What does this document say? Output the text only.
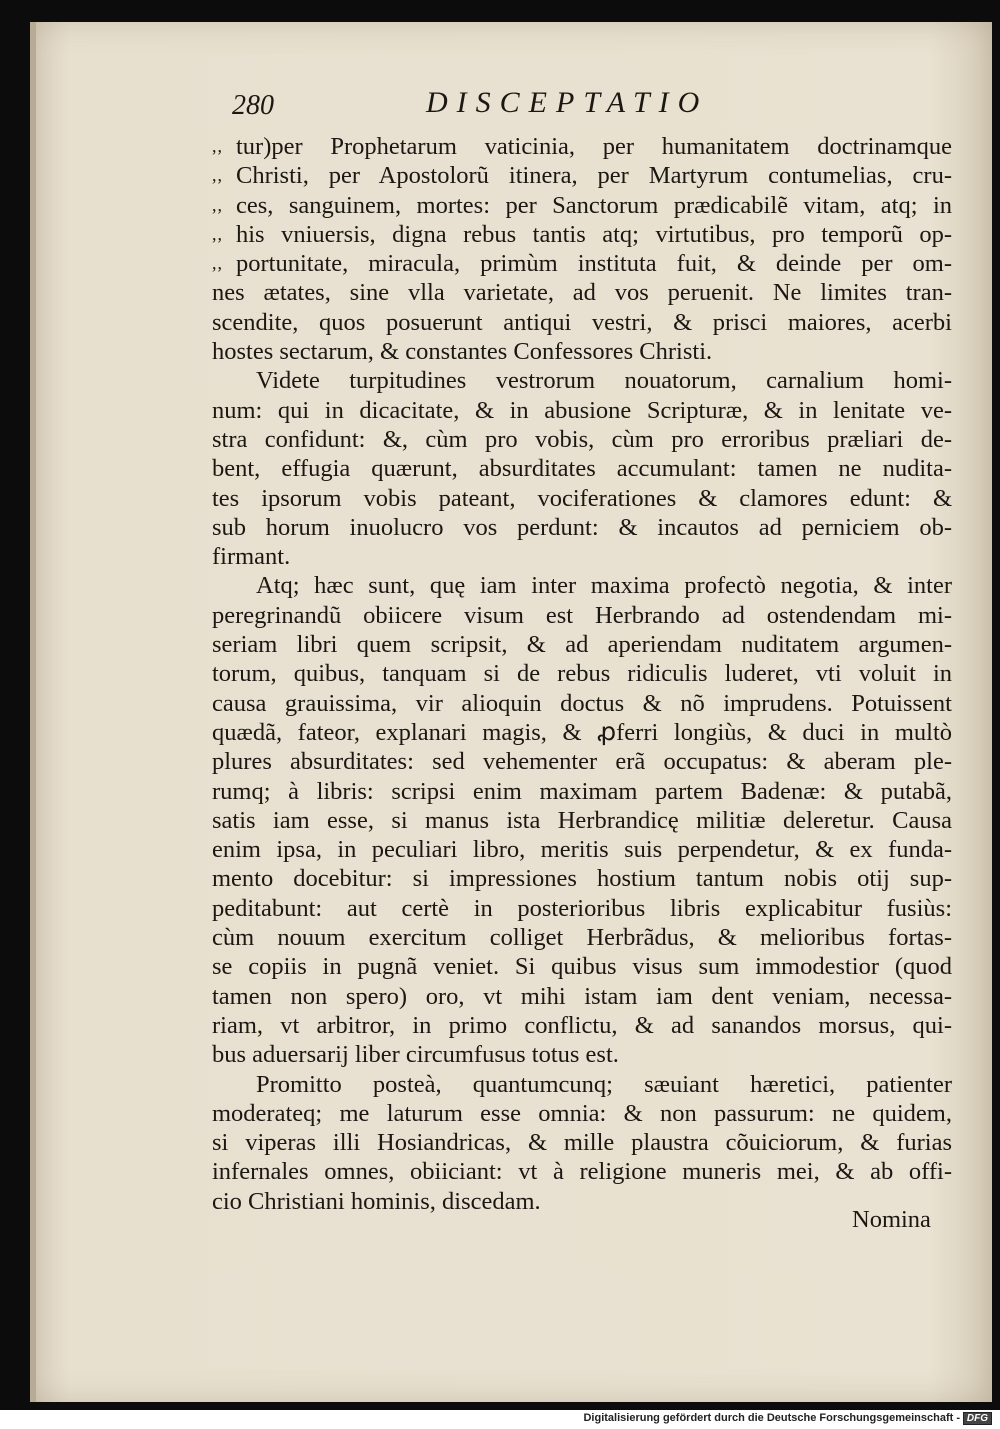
280	DISCEPTATIO
,, tur)per Prophetarum vaticinia, per humanitatem doctrinamque
,, Christi, per Apostolorũ itinera, per Martyrum contumelias, cru-
,, ces, sanguinem, mortes: per Sanctorum prædicabilẽ vitam, atq; in
,, his vniuersis, digna rebus tantis atq; virtutibus, pro temporũ op-
,, portunitate, miracula, primùm instituta fuit, & deinde per om-
nes ætates, sine vlla varietate, ad vos peruenit. Ne limites tran-
scendite, quos posuerunt antiqui vestri, & prisci maiores, acerbi
hostes sectarum, & constantes Confessores Christi.
Videte turpitudines vestrorum nouatorum, carnalium homi-
num: qui in dicacitate, & in abusione Scripturæ, & in lenitate ve-
stra confidunt: &, cùm pro vobis, cùm pro erroribus præliari de-
bent, effugia quærunt, absurditates accumulant: tamen ne nudita-
tes ipsorum vobis pateant, vociferationes & clamores edunt: &
sub horum inuolucro vos perdunt: & incautos ad perniciem ob-
firmant.
Atq; hæc sunt, quę iam inter maxima profectò negotia, & inter
peregrinandũ obiicere visum est Herbrando ad ostendendam mi-
seriam libri quem scripsit, & ad aperiendam nuditatem argumen-
torum, quibus, tanquam si de rebus ridiculis luderet, vti voluit in
causa grauissima, vir alioquin doctus & nõ imprudens. Potuissent
quædã, fateor, explanari magis, & ꝓferri longiùs, & duci in multò
plures absurditates: sed vehementer erã occupatus: & aberam ple-
rumq; à libris: scripsi enim maximam partem Badenæ: & putabã,
satis iam esse, si manus ista Herbrandicę militiæ deleretur. Causa
enim ipsa, in peculiari libro, meritis suis perpendetur, & ex funda-
mento docebitur: si impressiones hostium tantum nobis otij sup-
peditabunt: aut certè in posterioribus libris explicabitur fusiùs:
cùm nouum exercitum colliget Herbrãdus, & melioribus fortas-
se copiis in pugnã veniet. Si quibus visus sum immodestior (quod
tamen non spero) oro, vt mihi istam iam dent veniam, necessa-
riam, vt arbitror, in primo conflictu, & ad sanandos morsus, qui-
bus aduersarij liber circumfusus totus est.
Promitto posteà, quantumcunq; sæuiant hæretici, patienter
moderateq; me laturum esse omnia: & non passurum: ne quidem,
si viperas illi Hosiandricas, & mille plaustra cõuiciorum, & furias
infernales omnes, obiiciant: vt à religione muneris mei, & ab offi-
cio Christiani hominis, discedam.
Nomina
Digitalisierung gefördert durch die Deutsche Forschungsgemeinschaft - DFG
